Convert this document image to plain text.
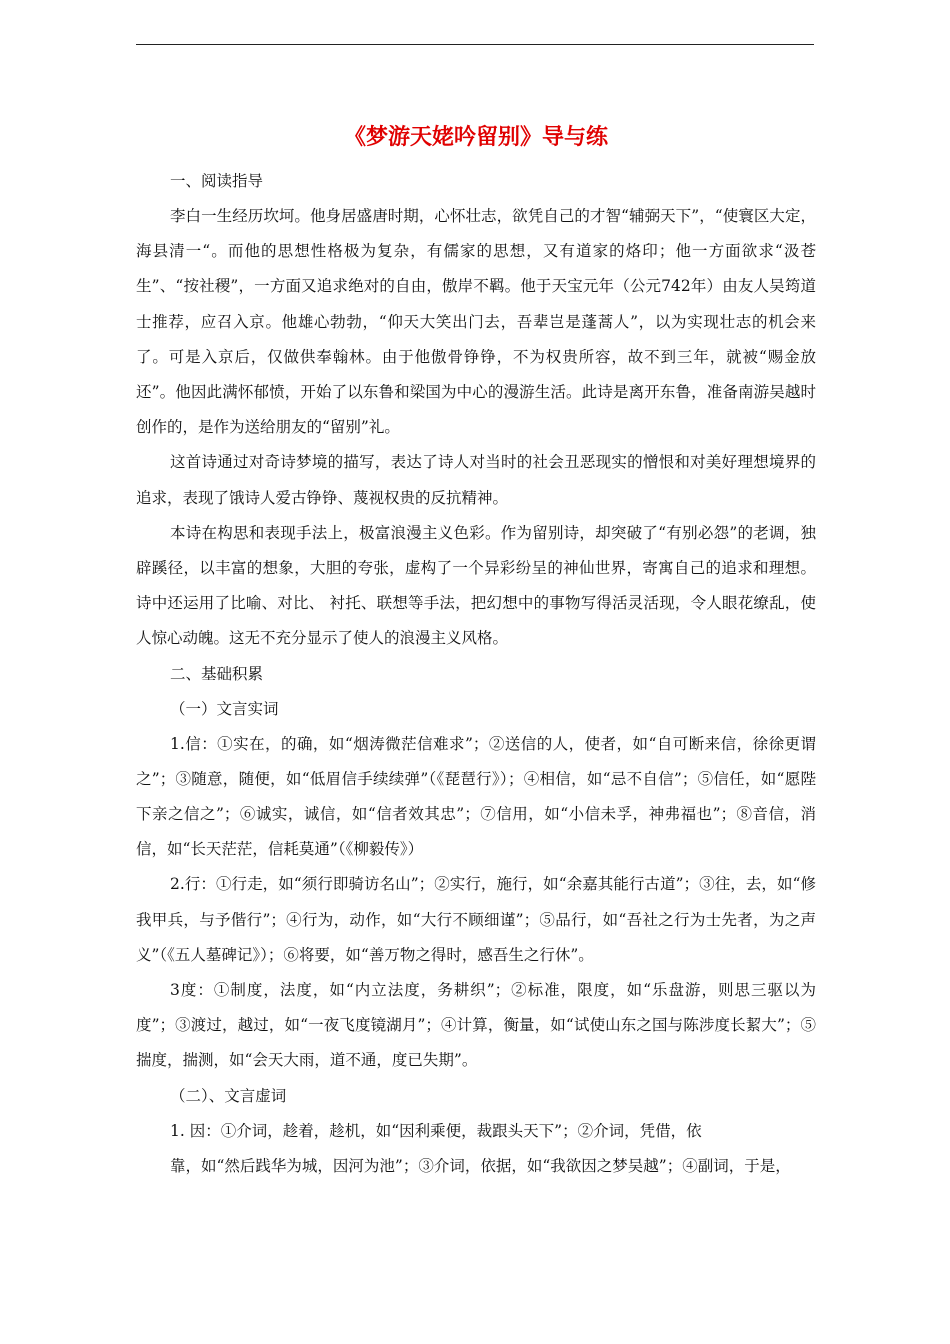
《梦游天姥吟留别》导与练

一、阅读指导

李白一生经历坎坷。他身居盛唐时期，心怀壮志，欲凭自己的才智“辅弼天下”，“使寰区大定，海县清一“。而他的思想性格极为复杂，有儒家的思想，又有道家的烙印；他一方面欲求“汲苍生”、“按社稷”，一方面又追求绝对的自由，傲岸不羁。他于天宝元年（公元742年）由友人吴筠道士推荐，应召入京。他雄心勃勃，“仰天大笑出门去，吾辈岂是蓬蒿人”，以为实现壮志的机会来了。可是入京后，仅做供奉翰林。由于他傲骨铮铮，不为权贵所容，故不到三年，就被“赐金放还”。他因此满怀郁愤，开始了以东鲁和梁国为中心的漫游生活。此诗是离开东鲁，准备南游吴越时创作的，是作为送给朋友的“留别”礼。

这首诗通过对奇诗梦境的描写，表达了诗人对当时的社会丑恶现实的憎恨和对美好理想境界的追求，表现了饿诗人爱古铮铮、蔑视权贵的反抗精神。

本诗在构思和表现手法上，极富浪漫主义色彩。作为留别诗，却突破了“有别必怨”的老调，独辟蹊径，以丰富的想象，大胆的夸张，虚构了一个异彩纷呈的神仙世界，寄寓自己的追求和理想。诗中还运用了比喻、对比、 衬托、联想等手法，把幻想中的事物写得活灵活现，令人眼花缭乱，使人惊心动魄。这无不充分显示了使人的浪漫主义风格。

二、基础积累

（一）文言实词

1.信：①实在，的确，如“烟涛微茫信难求”；②送信的人，使者，如“自可断来信，徐徐更谓之”；③随意，随便，如“低眉信手续续弹”（《琵琶行》）；④相信，如“忌不自信”；⑤信任，如“愿陛下亲之信之”；⑥诚实，诚信，如“信者效其忠”；⑦信用，如“小信未孚，神弗福也”；⑧音信，消信，如“长天茫茫，信耗莫通”（《柳毅传》）

2.行：①行走，如“须行即骑访名山”；②实行，施行，如“余嘉其能行古道”；③往，去，如“修我甲兵，与予偕行”；④行为，动作，如“大行不顾细谨”；⑤品行，如“吾社之行为士先者，为之声义”（《五人墓碑记》）；⑥将要，如“善万物之得时，感吾生之行休”。

3度：①制度，法度，如“内立法度，务耕织”；②标准，限度，如“乐盘游，则思三驱以为度”；③渡过，越过，如“一夜飞度镜湖月”；④计算，衡量，如“试使山东之国与陈涉度长絜大”；⑤揣度，揣测，如“会天大雨，道不通，度已失期”。

（二）、文言虚词

1. 因：①介词，趁着，趁机，如“因利乘便，裁跟头天下”；②介词，凭借，依

靠，如“然后践华为城，因河为池”；③介词，依据，如“我欲因之梦吴越”；④副词，于是，
